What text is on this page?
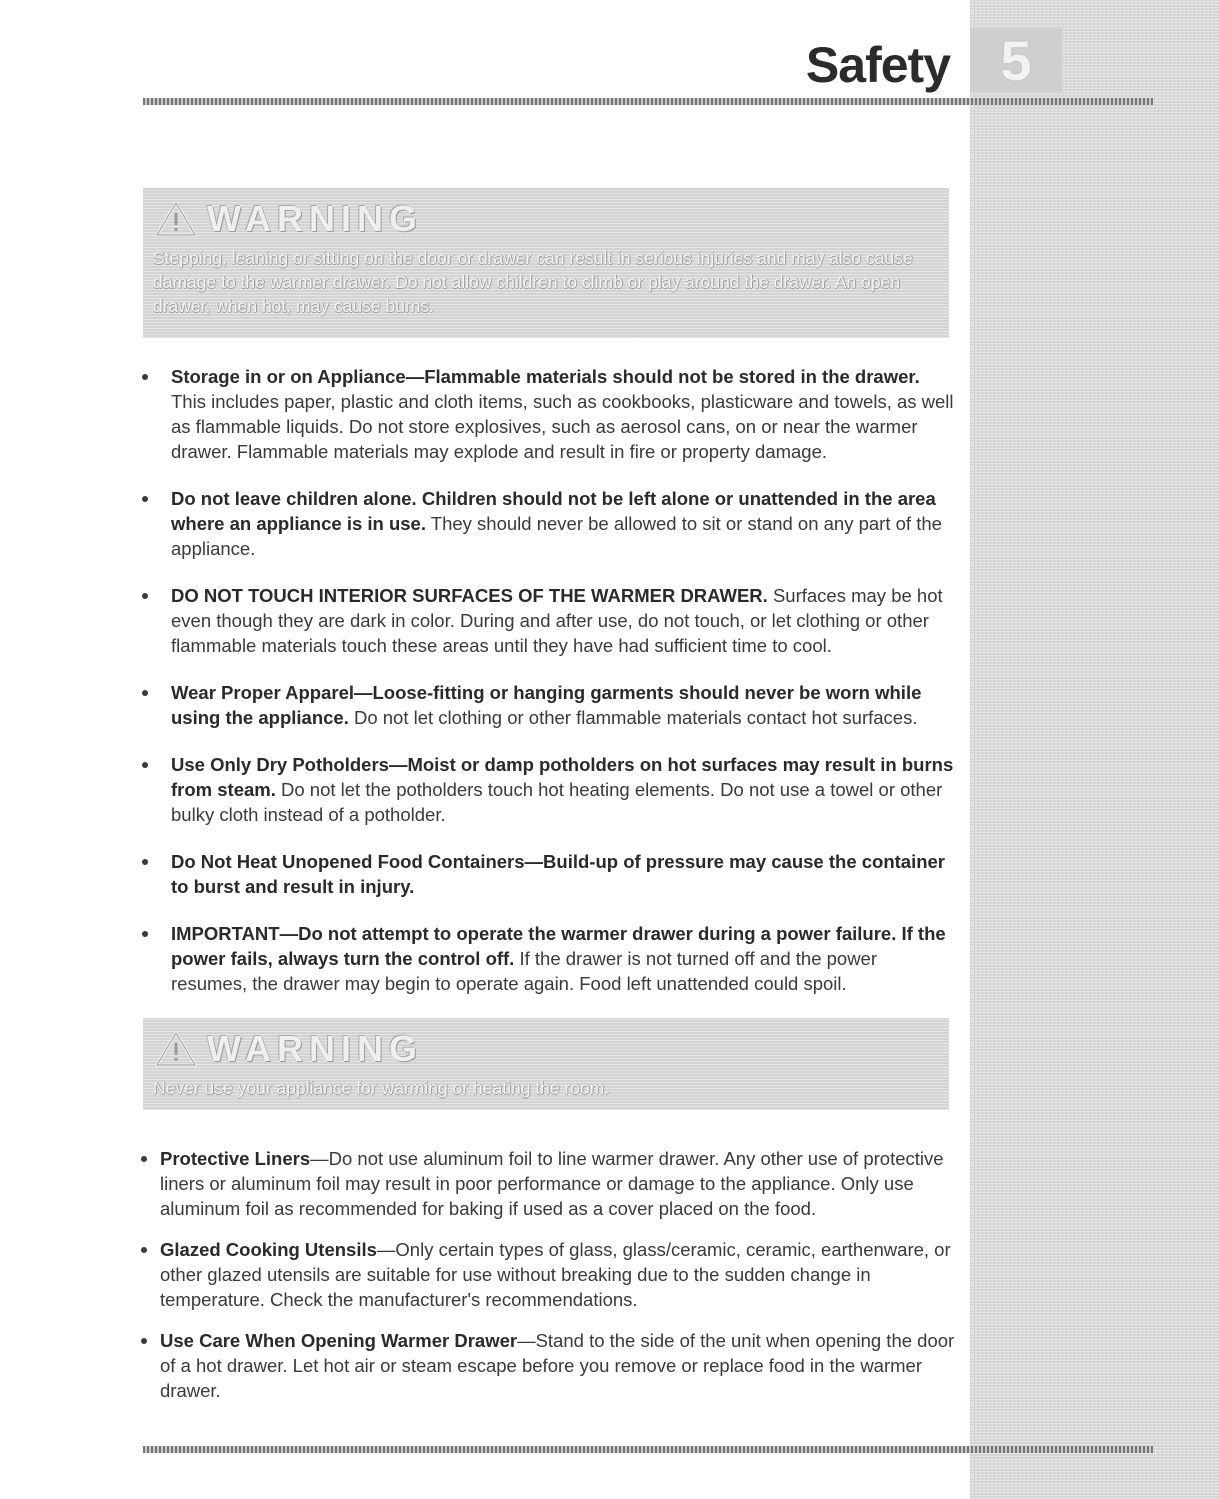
5
Safety
WARNING
Stepping, leaning or sitting on the door or drawer can result in serious injuries and may also cause damage to the warmer drawer. Do not allow children to climb or play around the drawer. An open drawer, when hot, may cause burns.
Storage in or on Appliance—Flammable materials should not be stored in the drawer. This includes paper, plastic and cloth items, such as cookbooks, plasticware and towels, as well as flammable liquids. Do not store explosives, such as aerosol cans, on or near the warmer drawer. Flammable materials may explode and result in fire or property damage.
Do not leave children alone. Children should not be left alone or unattended in the area where an appliance is in use. They should never be allowed to sit or stand on any part of the appliance.
DO NOT TOUCH INTERIOR SURFACES OF THE WARMER DRAWER. Surfaces may be hot even though they are dark in color. During and after use, do not touch, or let clothing or other flammable materials touch these areas until they have had sufficient time to cool.
Wear Proper Apparel—Loose-fitting or hanging garments should never be worn while using the appliance. Do not let clothing or other flammable materials contact hot surfaces.
Use Only Dry Potholders—Moist or damp potholders on hot surfaces may result in burns from steam. Do not let the potholders touch hot heating elements. Do not use a towel or other bulky cloth instead of a potholder.
Do Not Heat Unopened Food Containers—Build-up of pressure may cause the container to burst and result in injury.
IMPORTANT—Do not attempt to operate the warmer drawer during a power failure. If the power fails, always turn the control off. If the drawer is not turned off and the power resumes, the drawer may begin to operate again. Food left unattended could spoil.
WARNING
Never use your appliance for warming or heating the room.
Protective Liners—Do not use aluminum foil to line warmer drawer. Any other use of protective liners or aluminum foil may result in poor performance or damage to the appliance. Only use aluminum foil as recommended for baking if used as a cover placed on the food.
Glazed Cooking Utensils—Only certain types of glass, glass/ceramic, ceramic, earthenware, or other glazed utensils are suitable for use without breaking due to the sudden change in temperature. Check the manufacturer's recommendations.
Use Care When Opening Warmer Drawer—Stand to the side of the unit when opening the door of a hot drawer. Let hot air or steam escape before you remove or replace food in the warmer drawer.
